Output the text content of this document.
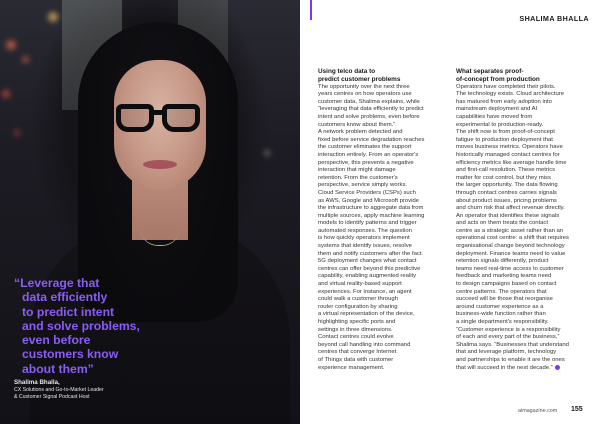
“Leverage that
data efficiently
to predict intent
and solve problems,
even before
customers know
about them”
Shalima Bhalla,
CX Solutions and Go-to-Market Leader
& Customer Signal Podcast Host
SHALIMA BHALLA
Using telco data to
predict customer problems
The opportunity over the next three
years centres on how operators use
customer data, Shalima explains, while
“leveraging that data efficiently to predict
intent and solve problems, even before
customers know about them.”
A network problem detected and
fixed before service degradation reaches
the customer eliminates the support
interaction entirely. From an operator's
perspective, this prevents a negative
interaction that might damage
retention. From the customer's
perspective, service simply works.
Cloud Service Providers (CSPs) such
as AWS, Google and Microsoft provide
the infrastructure to aggregate data from
multiple sources, apply machine learning
models to identify patterns and trigger
automated responses. The question
is how quickly operators implement
systems that identify issues, resolve
them and notify customers after the fact.
5G deployment changes what contact
centres can offer beyond this predictive
capability, enabling augmented reality
and virtual reality-based support
experiences. For instance, an agent
could walk a customer through
router configuration by sharing
a virtual representation of the device,
highlighting specific ports and
settings in three dimensions.
Contact centres could evolve
beyond call handling into command
centres that converge Internet
of Things data with customer
experience management.
What separates proof-
of-concept from production
Operators have completed their pilots.
The technology exists. Cloud architecture
has matured from early adoption into
mainstream deployment and AI
capabilities have moved from
experimental to production-ready.
The shift now is from proof-of-concept
fatigue to production deployment that
moves business metrics. Operators have
historically managed contact centres for
efficiency metrics like average handle time
and first-call resolution. These metrics
matter for cost control, but they miss
the larger opportunity. The data flowing
through contact centres carries signals
about product issues, pricing problems
and churn risk that affect revenue directly.
An operator that identifies these signals
and acts on them treats the contact
centre as a strategic asset rather than an
operational cost centre: a shift that requires
organisational change beyond technology
deployment. Finance teams need to value
retention signals differently, product
teams need real-time access to customer
feedback and marketing teams need
to design campaigns based on contact
centre patterns. The operators that
succeed will be those that reorganise
around customer experience as a
business-wide function rather than
a single department's responsibility.
“Customer experience is a responsibility
of each and every part of the business,”
Shalima says. “Businesses that understand
that and leverage platform, technology
and partnerships to enable it are the ones
that will succeed in the next decade.”
aimagazine.com 155
